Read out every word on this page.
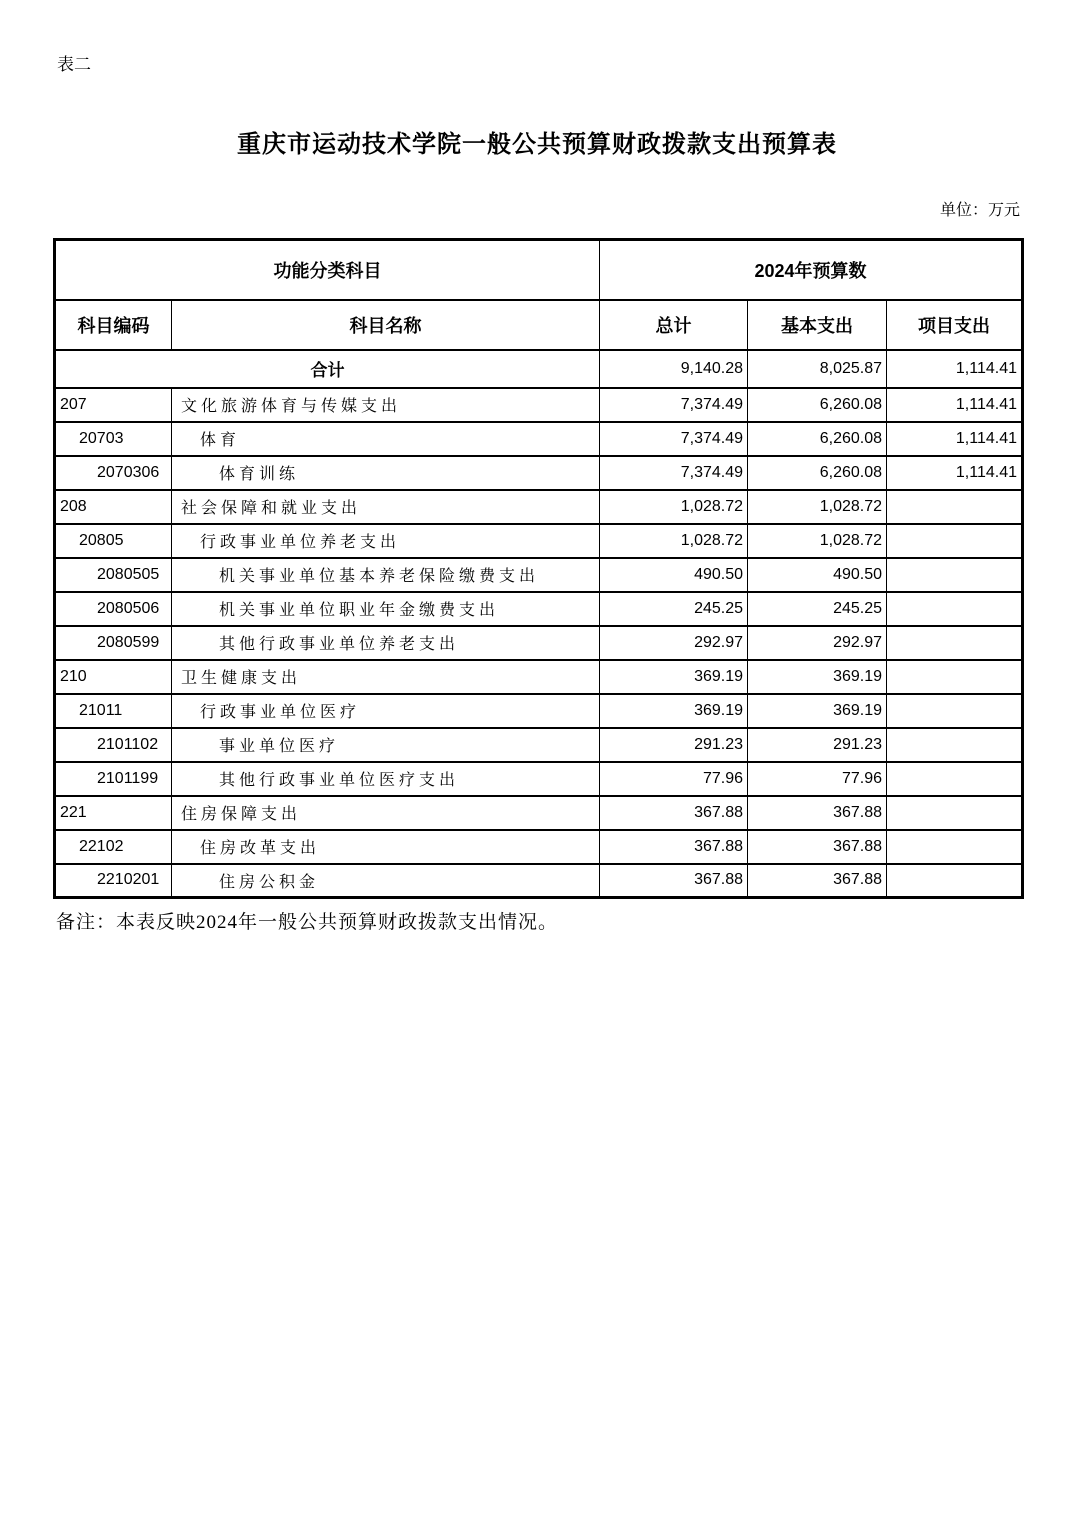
表二
重庆市运动技术学院一般公共预算财政拨款支出预算表
单位：万元
功能分类科目		2024年预算数		
科目编码	科目名称	总计	基本支出	项目支出
合计		9,140.28	8,025.87	1,114.41
207	文化旅游体育与传媒支出	7,374.49	6,260.08	1,114.41
20703	体育	7,374.49	6,260.08	1,114.41
2070306	体育训练	7,374.49	6,260.08	1,114.41
208	社会保障和就业支出	1,028.72	1,028.72	
20805	行政事业单位养老支出	1,028.72	1,028.72	
2080505	机关事业单位基本养老保险缴费支出	490.50	490.50	
2080506	机关事业单位职业年金缴费支出	245.25	245.25	
2080599	其他行政事业单位养老支出	292.97	292.97	
210	卫生健康支出	369.19	369.19	
21011	行政事业单位医疗	369.19	369.19	
2101102	事业单位医疗	291.23	291.23	
2101199	其他行政事业单位医疗支出	77.96	77.96	
221	住房保障支出	367.88	367.88	
22102	住房改革支出	367.88	367.88	
2210201	住房公积金	367.88	367.88	
备注：本表反映2024年一般公共预算财政拨款支出情况。
